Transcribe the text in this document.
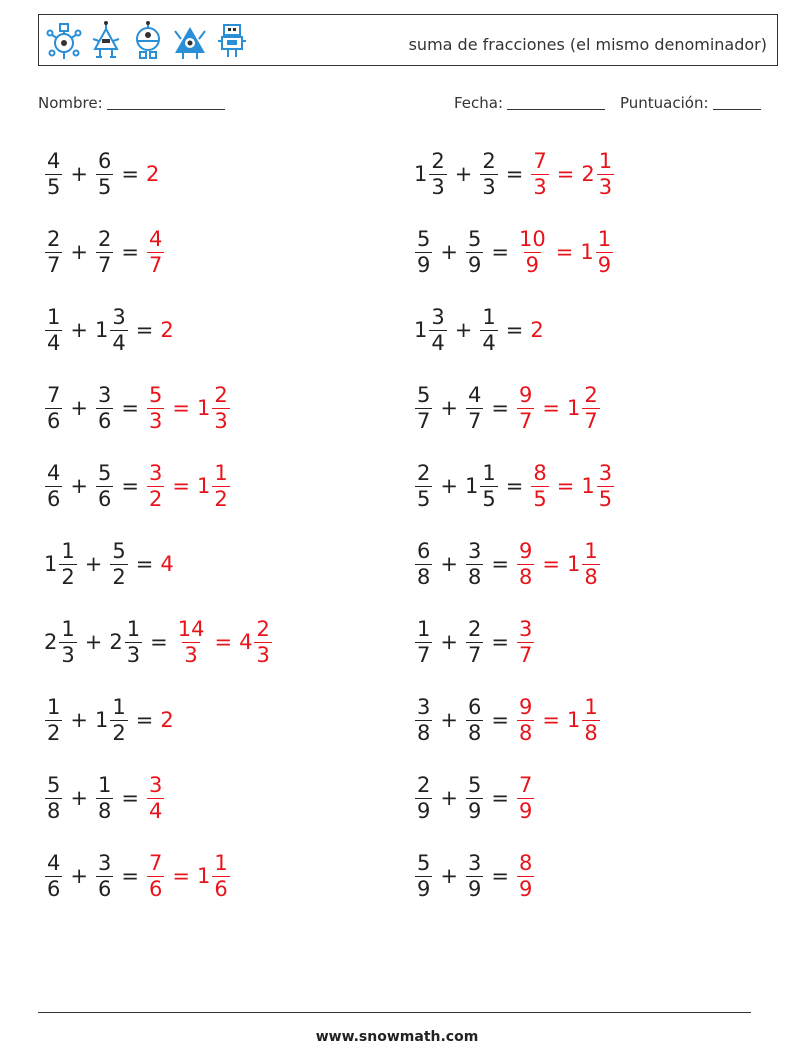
suma de fracciones (el mismo denominador)
Nombre:	Fecha:	Puntuación:
$\frac{4}{5} + \frac{6}{5} = 2$
$\frac{2}{7} + \frac{2}{7} = \frac{4}{7}$
$\frac{1}{4} + 1 \frac{3}{4} = 2$
$\frac{7}{6} + \frac{3}{6} = \frac{5}{3} = 1 \frac{2}{3}$
$\frac{4}{6} + \frac{5}{6} = \frac{3}{2} = 1 \frac{1}{2}$
$1 \frac{1}{2} + \frac{5}{2} = 4$
$2 \frac{1}{3} + 2 \frac{1}{3} = \frac{14}{3} = 4 \frac{2}{3}$
$\frac{1}{2} + 1 \frac{1}{2} = 2$
$\frac{5}{8} + \frac{1}{8} = \frac{3}{4}$
$\frac{4}{6} + \frac{3}{6} = \frac{7}{6} = 1 \frac{1}{6}$
$1 \frac{2}{3} + \frac{2}{3} = \frac{7}{3} = 2 \frac{1}{3}$
$\frac{5}{9} + \frac{5}{9} = \frac{10}{9} = 1 \frac{1}{9}$
$1 \frac{3}{4} + \frac{1}{4} = 2$
$\frac{5}{7} + \frac{4}{7} = \frac{9}{7} = 1 \frac{2}{7}$
$\frac{2}{5} + 1 \frac{1}{5} = \frac{8}{5} = 1 \frac{3}{5}$
$\frac{6}{8} + \frac{3}{8} = \frac{9}{8} = 1 \frac{1}{8}$
$\frac{1}{7} + \frac{2}{7} = \frac{3}{7}$
$\frac{3}{8} + \frac{6}{8} = \frac{9}{8} = 1 \frac{1}{8}$
$\frac{2}{9} + \frac{5}{9} = \frac{7}{9}$
$\frac{5}{9} + \frac{3}{9} = \frac{8}{9}$
www.snowmath.com
